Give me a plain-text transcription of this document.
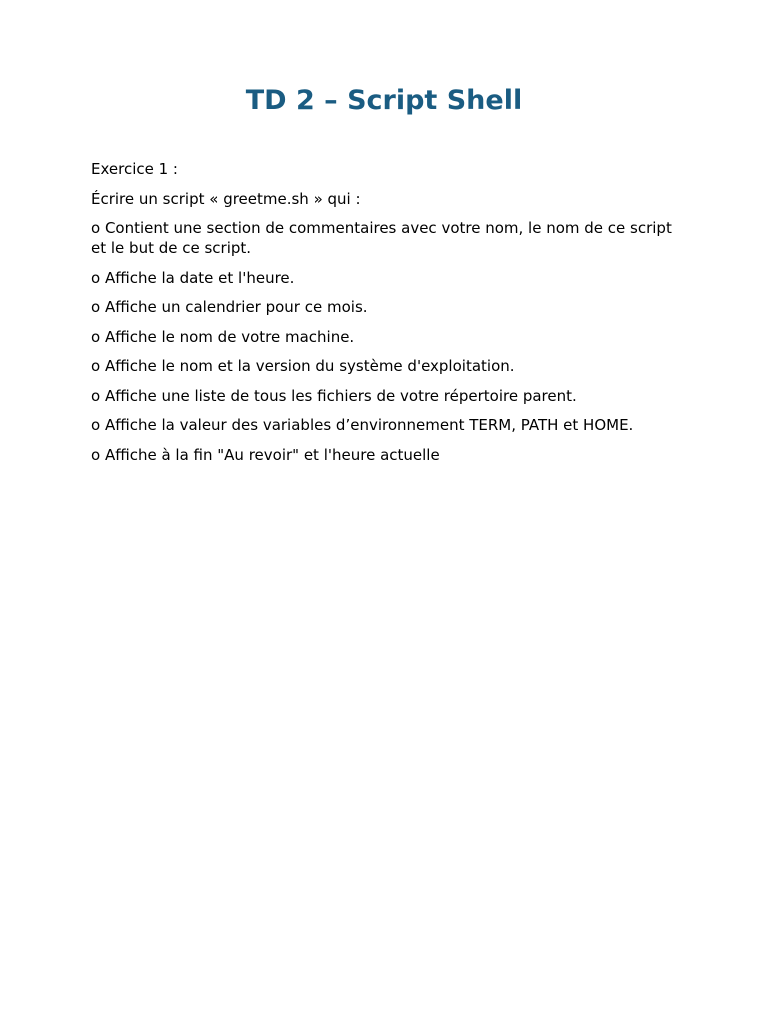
TD 2 – Script Shell

Exercice 1 :

Écrire un script « greetme.sh » qui :

o Contient une section de commentaires avec votre nom, le nom de ce script et le but de ce script.

o Affiche la date et l'heure.

o Affiche un calendrier pour ce mois.

o Affiche le nom de votre machine.

o Affiche le nom et la version du système d'exploitation.

o Affiche une liste de tous les fichiers de votre répertoire parent.

o Affiche la valeur des variables d’environnement TERM, PATH et HOME.

o Affiche à la fin "Au revoir" et l'heure actuelle
